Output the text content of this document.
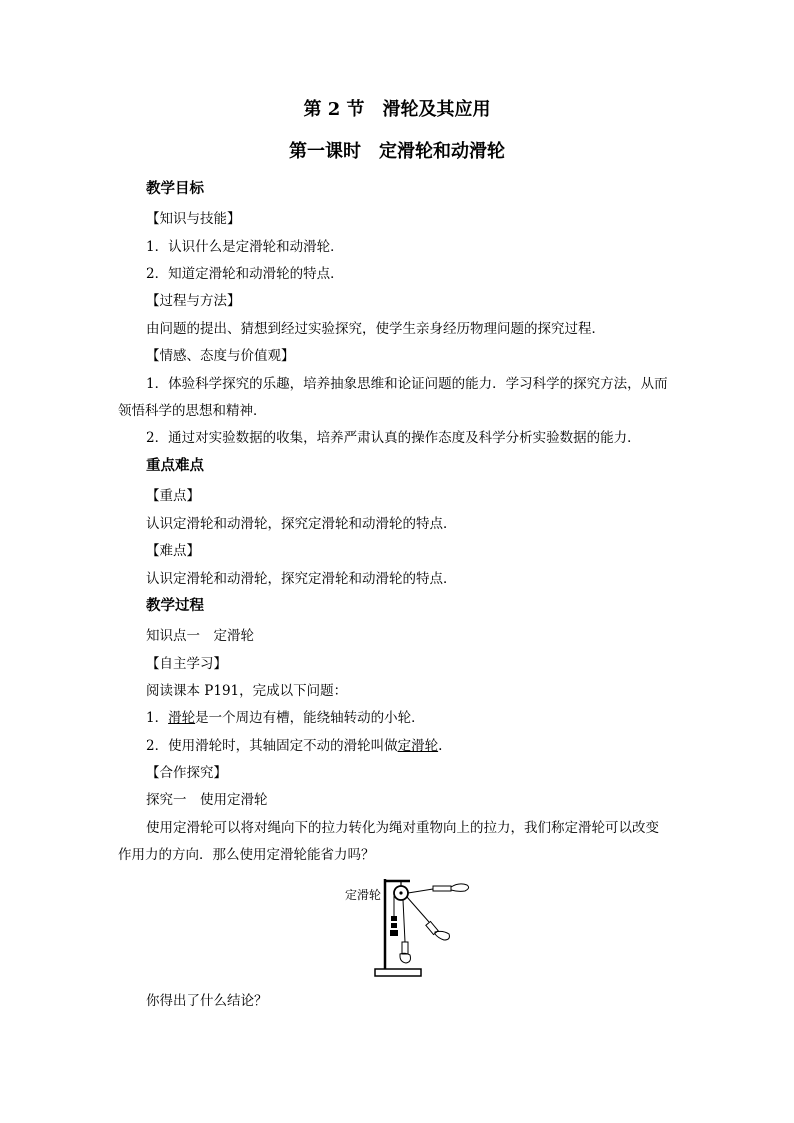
第 2 节　滑轮及其应用
第一课时　定滑轮和动滑轮
教学目标
【知识与技能】
1．认识什么是定滑轮和动滑轮．
2．知道定滑轮和动滑轮的特点．
【过程与方法】
由问题的提出、猜想到经过实验探究，使学生亲身经历物理问题的探究过程．
【情感、态度与价值观】
1．体验科学探究的乐趣，培养抽象思维和论证问题的能力．学习科学的探究方法，从而
领悟科学的思想和精神．
2．通过对实验数据的收集，培养严肃认真的操作态度及科学分析实验数据的能力．
重点难点
【重点】
认识定滑轮和动滑轮，探究定滑轮和动滑轮的特点．
【难点】
认识定滑轮和动滑轮，探究定滑轮和动滑轮的特点．
教学过程
知识点一　定滑轮
【自主学习】
阅读课本 P191，完成以下问题：
1．滑轮是一个周边有槽，能绕轴转动的小轮．
2．使用滑轮时，其轴固定不动的滑轮叫做定滑轮.
【合作探究】
探究一　使用定滑轮
使用定滑轮可以将对绳向下的拉力转化为绳对重物向上的拉力，我们称定滑轮可以改变
作用力的方向．那么使用定滑轮能省力吗？
定滑轮
你得出了什么结论？
